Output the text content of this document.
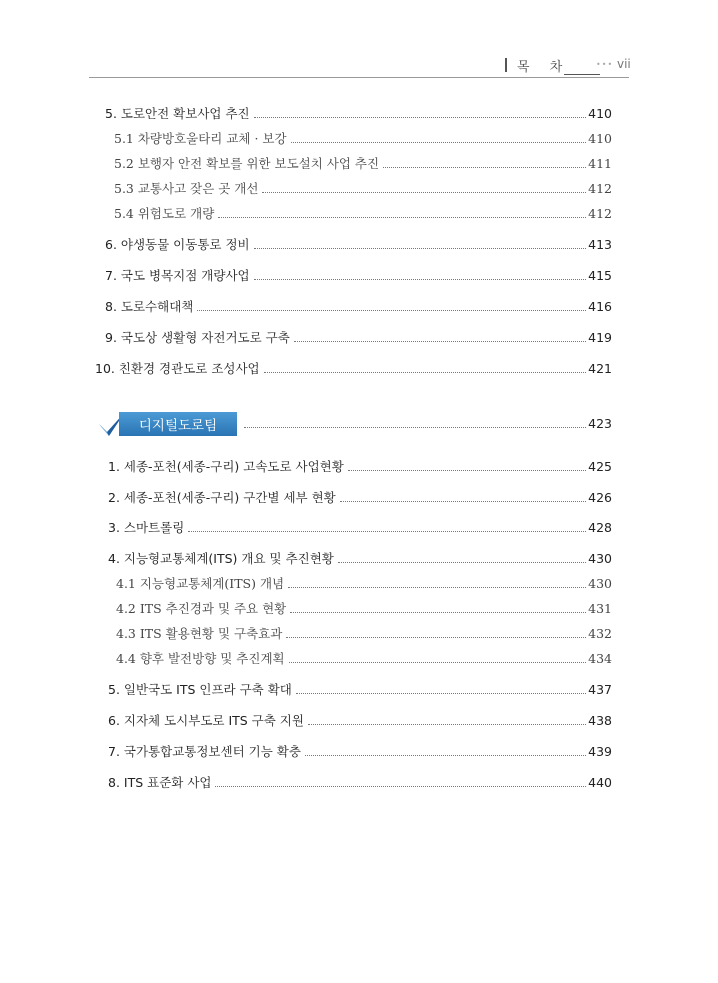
목 차	••• vii
5. 도로안전 확보사업 추진	410
5.1 차량방호울타리 교체 · 보강	410
5.2 보행자 안전 확보를 위한 보도설치 사업 추진	411
5.3 교통사고 잦은 곳 개선	412
5.4 위험도로 개량	412
6. 야생동물 이동통로 정비	413
7. 국도 병목지점 개량사업	415
8. 도로수해대책	416
9. 국도상 생활형 자전거도로 구축	419
10. 친환경 경관도로 조성사업	421
디지털도로팀	423
1. 세종-포천(세종-구리) 고속도로 사업현황	425
2. 세종-포천(세종-구리) 구간별 세부 현황	426
3. 스마트롤링	428
4. 지능형교통체계(ITS) 개요 및 추진현황	430
4.1 지능형교통체계(ITS) 개념	430
4.2 ITS 추진경과 및 주요 현황	431
4.3 ITS 활용현황 및 구축효과	432
4.4 향후 발전방향 및 추진계획	434
5. 일반국도 ITS 인프라 구축 확대	437
6. 지자체 도시부도로 ITS 구축 지원	438
7. 국가통합교통정보센터 기능 확충	439
8. ITS 표준화 사업	440
